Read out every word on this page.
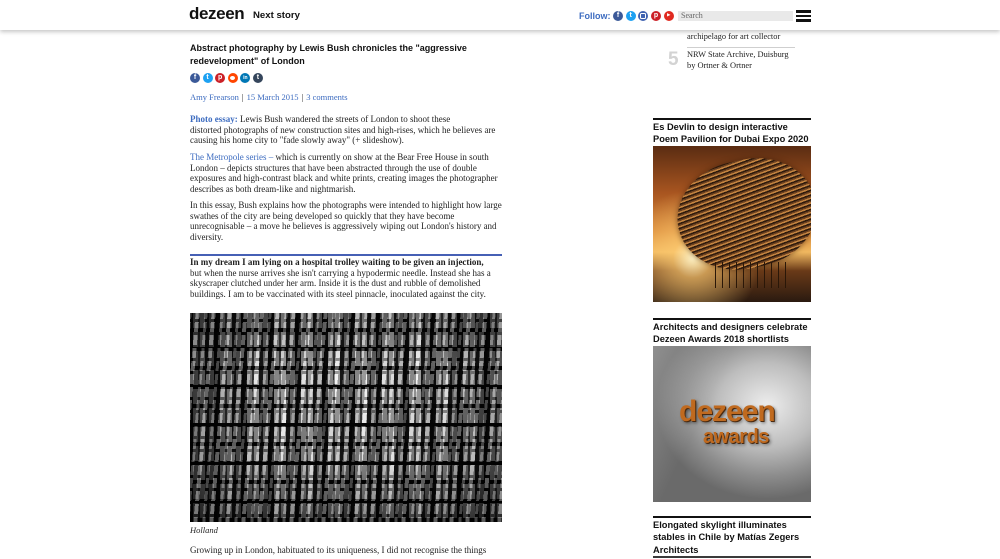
dezeen Next story	Follow:
f
t
p
▶
Search
Abstract photography by Lewis Bush chronicles the "aggressive redevelopment" of London
f
t
p
in
t
Amy Frearson | 15 March 2015 | 3 comments
Photo essay: Lewis Bush wandered the streets of London to shoot these
distorted photographs of new construction sites and high-rises, which he believes are
causing his home city to "fade slowly away" (+ slideshow).
The Metropole series – which is currently on show at the Bear Free House in south
London – depicts structures that have been abstracted through the use of double
exposures and high-contrast black and white prints, creating images the photographer
describes as both dream-like and nightmarish.
In this essay, Bush explains how the photographs were intended to highlight how large
swathes of the city are being developed so quickly that they have become
unrecognisable – a move he believes is aggressively wiping out London's history and
diversity.
In my dream I am lying on a hospital trolley waiting to be given an injection,
but when the nurse arrives she isn't carrying a hypodermic needle. Instead she has a
skyscraper clutched under her arm. Inside it is the dust and rubble of demolished
buildings. I am to be vaccinated with its steel pinnacle, inoculated against the city.
Holland
Growing up in London, habituated to its uniqueness, I did not recognise the things
archipelago for art collector
5 NRW State Archive, Duisburg
by Ortner & Ortner
Es Devlin to design interactive
Poem Pavilion for Dubai Expo 2020
Architects and designers celebrate
Dezeen Awards 2018 shortlists
dezeen
awards
Elongated skylight illuminates
stables in Chile by Matías Zegers
Architects
